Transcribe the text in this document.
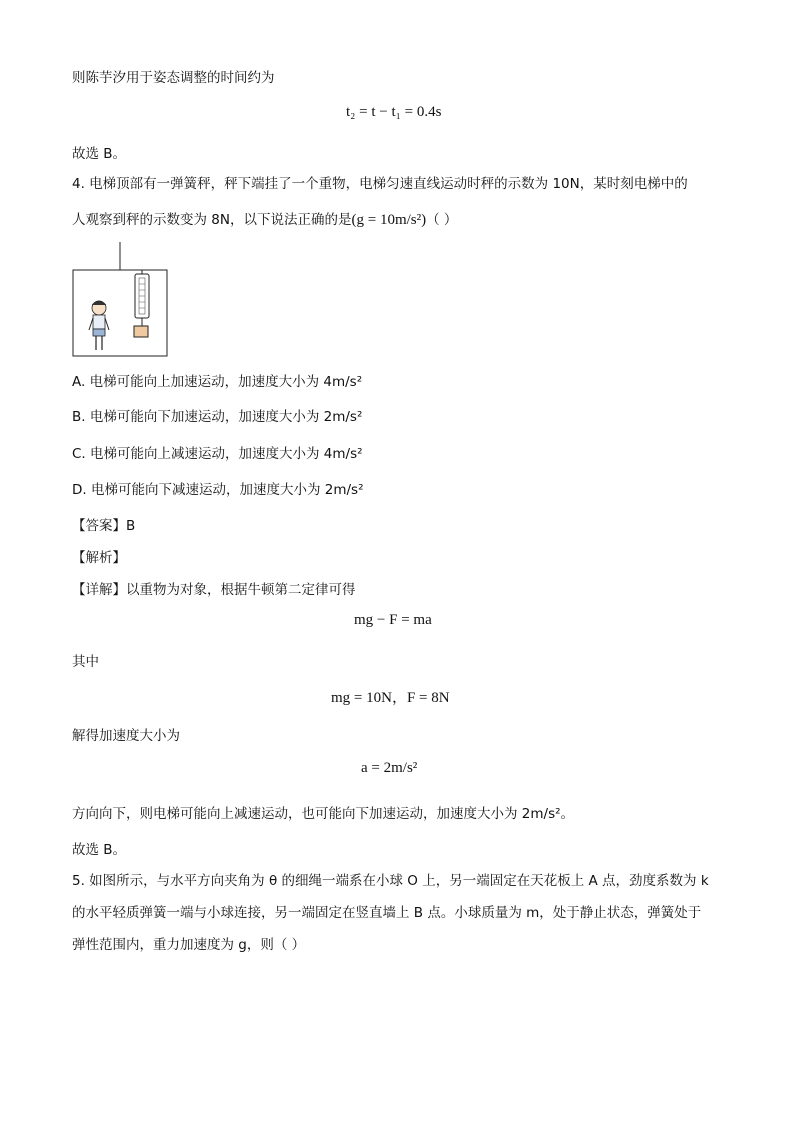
则陈芋汐用于姿态调整的时间约为
t₂ = t − t₁ = 0.4s
故选 B。
4. 电梯顶部有一弹簧秤，秤下端挂了一个重物，电梯匀速直线运动时秤的示数为 10N，某时刻电梯中的
人观察到秤的示数变为 8N，以下说法正确的是(g = 10m/s²)（ ）
A. 电梯可能向上加速运动，加速度大小为 4m/s²
B. 电梯可能向下加速运动，加速度大小为 2m/s²
C. 电梯可能向上减速运动，加速度大小为 4m/s²
D. 电梯可能向下减速运动，加速度大小为 2m/s²
【答案】B
【解析】
【详解】以重物为对象，根据牛顿第二定律可得
mg − F = ma
其中
mg = 10N，F = 8N
解得加速度大小为
a = 2m/s²
方向向下，则电梯可能向上减速运动，也可能向下加速运动，加速度大小为 2m/s²。
故选 B。
5. 如图所示，与水平方向夹角为 θ 的细绳一端系在小球 O 上，另一端固定在天花板上 A 点，劲度系数为 k
的水平轻质弹簧一端与小球连接，另一端固定在竖直墙上 B 点。小球质量为 m，处于静止状态，弹簧处于
弹性范围内，重力加速度为 g，则（ ）
